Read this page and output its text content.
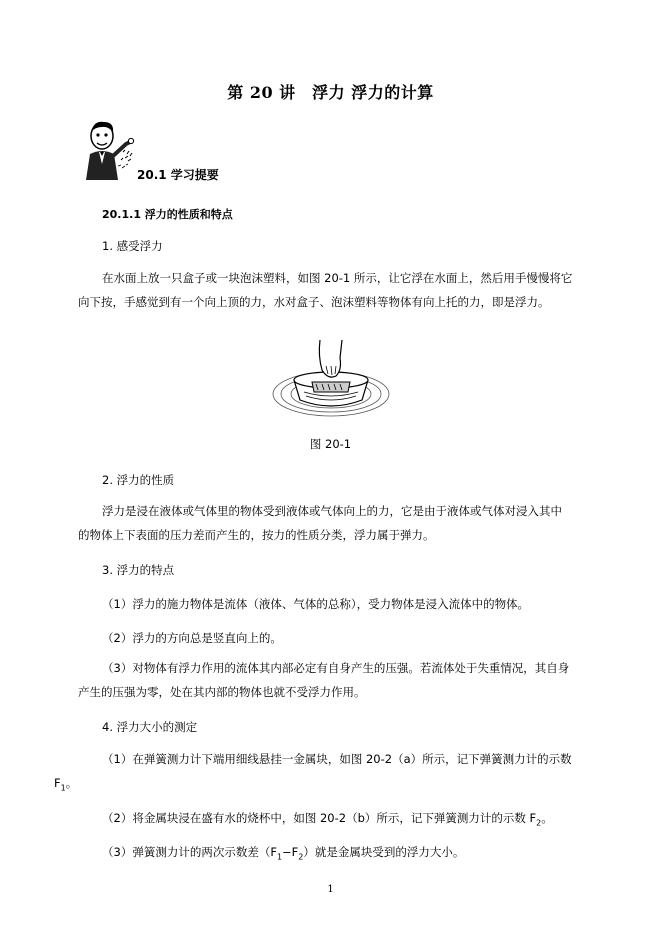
第 20 讲　浮力 浮力的计算
20.1 学习提要
20.1.1 浮力的性质和特点
1. 感受浮力
在水面上放一只盒子或一块泡沫塑料，如图 20-1 所示，让它浮在水面上，然后用手慢慢将它向下按，手感觉到有一个向上顶的力，水对盒子、泡沫塑料等物体有向上托的力，即是浮力。
图 20-1
2. 浮力的性质
浮力是浸在液体或气体里的物体受到液体或气体向上的力，它是由于液体或气体对浸入其中的物体上下表面的压力差而产生的，按力的性质分类，浮力属于弹力。
3. 浮力的特点
（1）浮力的施力物体是流体（液体、气体的总称），受力物体是浸入流体中的物体。
（2）浮力的方向总是竖直向上的。
（3）对物体有浮力作用的流体其内部必定有自身产生的压强。若流体处于失重情况，其自身产生的压强为零，处在其内部的物体也就不受浮力作用。
4. 浮力大小的测定
（1）在弹簧测力计下端用细线悬挂一金属块，如图 20-2（a）所示，记下弹簧测力计的示数
$F_1$。
（2）将金属块浸在盛有水的烧杯中，如图 20-2（b）所示，记下弹簧测力计的示数 $F_2$。
（3）弹簧测力计的两次示数差$(F_1-F_2)$就是金属块受到的浮力大小。
1
